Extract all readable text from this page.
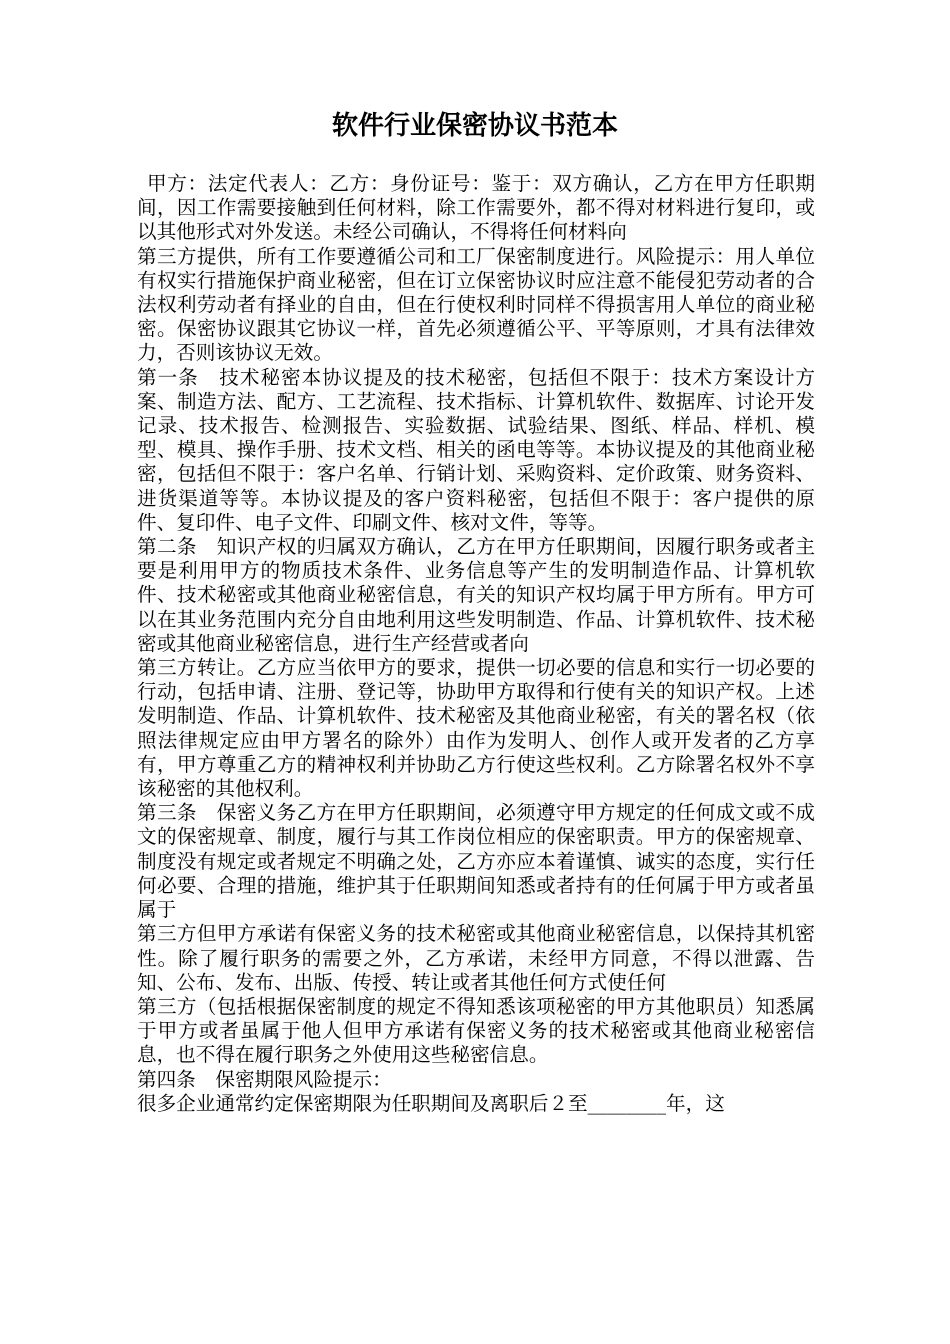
软件行业保密协议书范本

甲方：法定代表人：乙方：身份证号：鉴于：双方确认，乙方在甲方任职期间，因工作需要接触到任何材料，除工作需要外，都不得对材料进行复印，或以其他形式对外发送。未经公司确认，不得将任何材料向

第三方提供，所有工作要遵循公司和工厂保密制度进行。风险提示：用人单位有权实行措施保护商业秘密，但在订立保密协议时应注意不能侵犯劳动者的合法权利劳动者有择业的自由，但在行使权利时同样不得损害用人单位的商业秘密。保密协议跟其它协议一样，首先必须遵循公平、平等原则，才具有法律效力，否则该协议无效。

第一条　技术秘密本协议提及的技术秘密，包括但不限于：技术方案设计方案、制造方法、配方、工艺流程、技术指标、计算机软件、数据库、讨论开发记录、技术报告、检测报告、实验数据、试验结果、图纸、样品、样机、模型、模具、操作手册、技术文档、相关的函电等等。本协议提及的其他商业秘密，包括但不限于：客户名单、行销计划、采购资料、定价政策、财务资料、进货渠道等等。本协议提及的客户资料秘密，包括但不限于：客户提供的原件、复印件、电子文件、印刷文件、核对文件，等等。

第二条　知识产权的归属双方确认，乙方在甲方任职期间，因履行职务或者主要是利用甲方的物质技术条件、业务信息等产生的发明制造作品、计算机软件、技术秘密或其他商业秘密信息，有关的知识产权均属于甲方所有。甲方可以在其业务范围内充分自由地利用这些发明制造、作品、计算机软件、技术秘密或其他商业秘密信息，进行生产经营或者向

第三方转让。乙方应当依甲方的要求，提供一切必要的信息和实行一切必要的行动，包括申请、注册、登记等，协助甲方取得和行使有关的知识产权。上述发明制造、作品、计算机软件、技术秘密及其他商业秘密，有关的署名权（依照法律规定应由甲方署名的除外）由作为发明人、创作人或开发者的乙方享有，甲方尊重乙方的精神权利并协助乙方行使这些权利。乙方除署名权外不享该秘密的其他权利。

第三条　保密义务乙方在甲方任职期间，必须遵守甲方规定的任何成文或不成文的保密规章、制度，履行与其工作岗位相应的保密职责。甲方的保密规章、制度没有规定或者规定不明确之处，乙方亦应本着谨慎、诚实的态度，实行任何必要、合理的措施，维护其于任职期间知悉或者持有的任何属于甲方或者虽属于

第三方但甲方承诺有保密义务的技术秘密或其他商业秘密信息，以保持其机密性。除了履行职务的需要之外，乙方承诺，未经甲方同意，不得以泄露、告知、公布、发布、出版、传授、转让或者其他任何方式使任何

第三方（包括根据保密制度的规定不得知悉该项秘密的甲方其他职员）知悉属于甲方或者虽属于他人但甲方承诺有保密义务的技术秘密或其他商业秘密信息，也不得在履行职务之外使用这些秘密信息。

第四条　保密期限风险提示：

很多企业通常约定保密期限为任职期间及离职后２至________年，这
